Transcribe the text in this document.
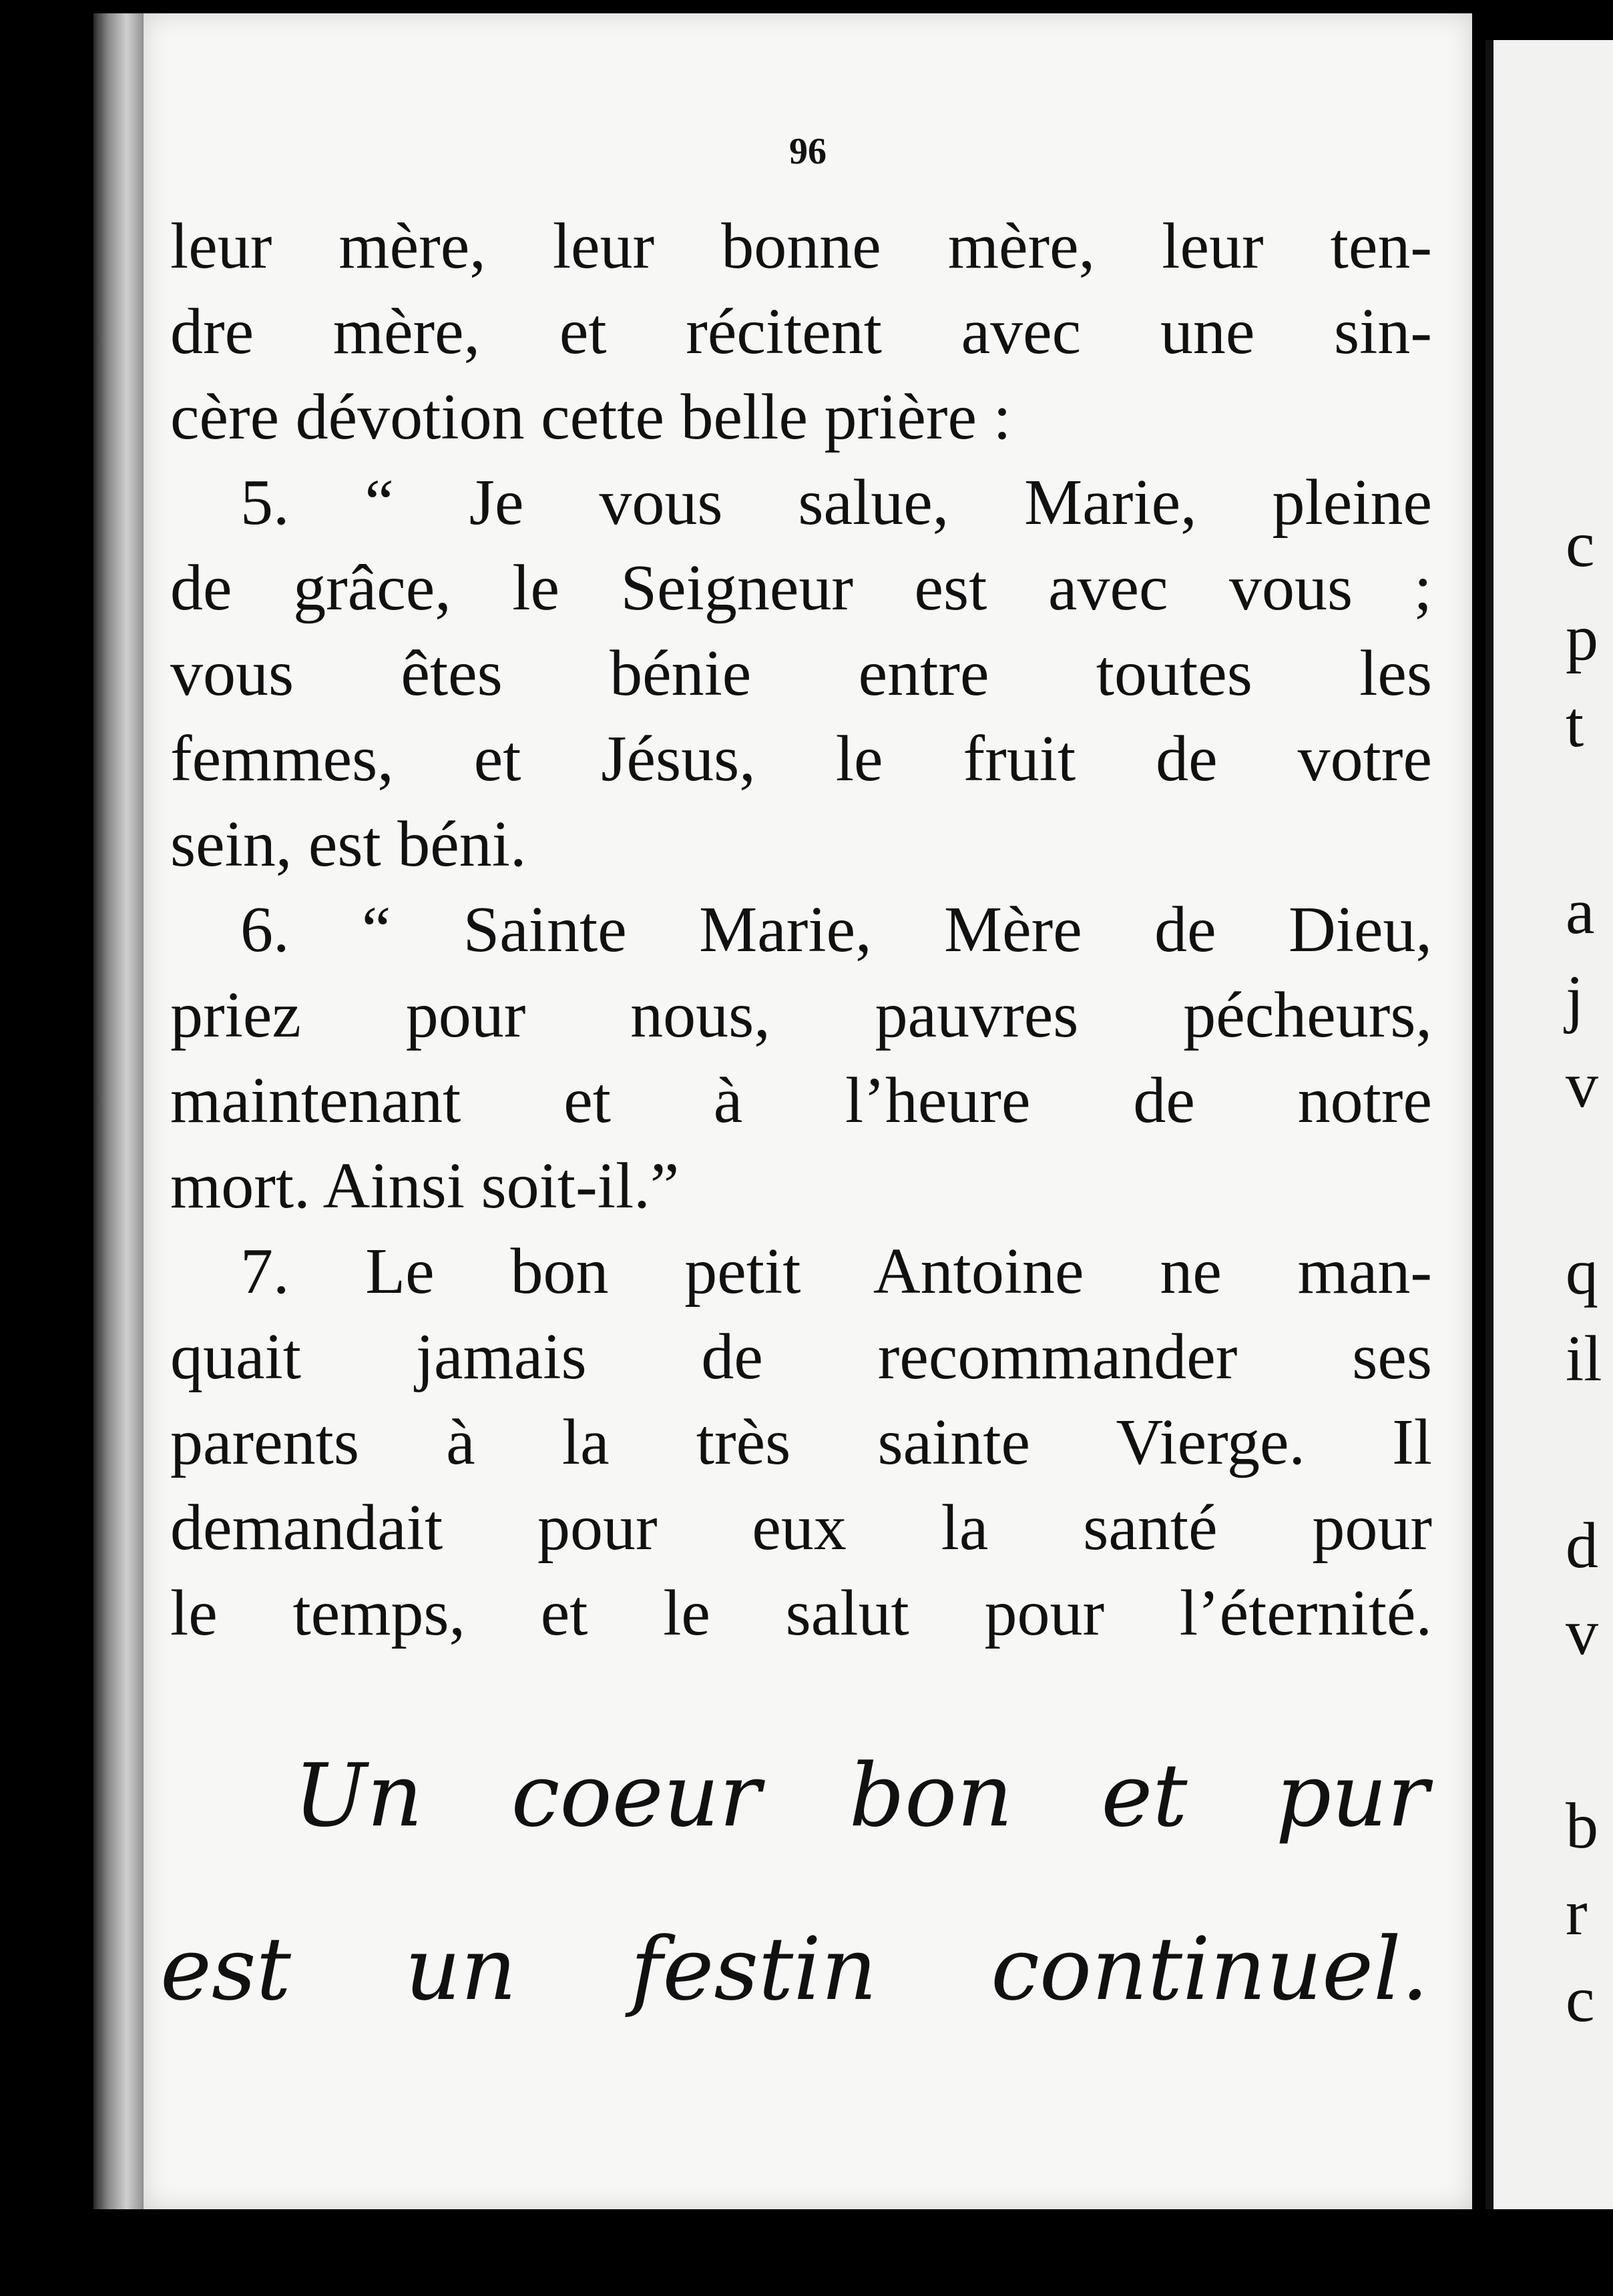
96
leur mère, leur bonne mère, leur ten-
dre mère, et récitent avec une sin-
cère dévotion cette belle prière :
5. “ Je vous salue, Marie, pleine
de grâce, le Seigneur est avec vous ;
vous êtes bénie entre toutes les
femmes, et Jésus, le fruit de votre
sein, est béni.
6. “ Sainte Marie, Mère de Dieu,
priez pour nous, pauvres pécheurs,
maintenant et à l’heure de notre
mort. Ainsi soit-il.”
7. Le bon petit Antoine ne man-
quait jamais de recommander ses
parents à la très sainte Vierge. Il
demandait pour eux la santé pour
le temps, et le salut pour l’éternité.
Un coeur bon et pur
est un festin continuel.
c
p
t
a
j
v
q
il
d
v
b
r
c
